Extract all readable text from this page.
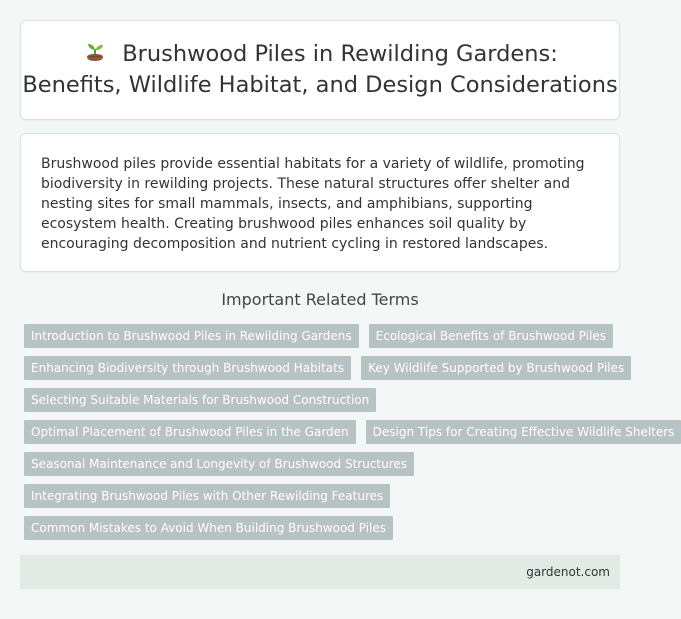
Brushwood Piles in Rewilding Gardens:
Benefits, Wildlife Habitat, and Design Considerations

Brushwood piles provide essential habitats for a variety of wildlife, promoting biodiversity in rewilding projects. These natural structures offer shelter and nesting sites for small mammals, insects, and amphibians, supporting ecosystem health. Creating brushwood piles enhances soil quality by encouraging decomposition and nutrient cycling in restored landscapes.

Important Related Terms
Introduction to Brushwood Piles in Rewilding Gardens	Ecological Benefits of Brushwood Piles
Enhancing Biodiversity through Brushwood Habitats	Key Wildlife Supported by Brushwood Piles
Selecting Suitable Materials for Brushwood Construction
Optimal Placement of Brushwood Piles in the Garden	Design Tips for Creating Effective Wildlife Shelters
Seasonal Maintenance and Longevity of Brushwood Structures
Integrating Brushwood Piles with Other Rewilding Features
Common Mistakes to Avoid When Building Brushwood Piles
gardenot.com
